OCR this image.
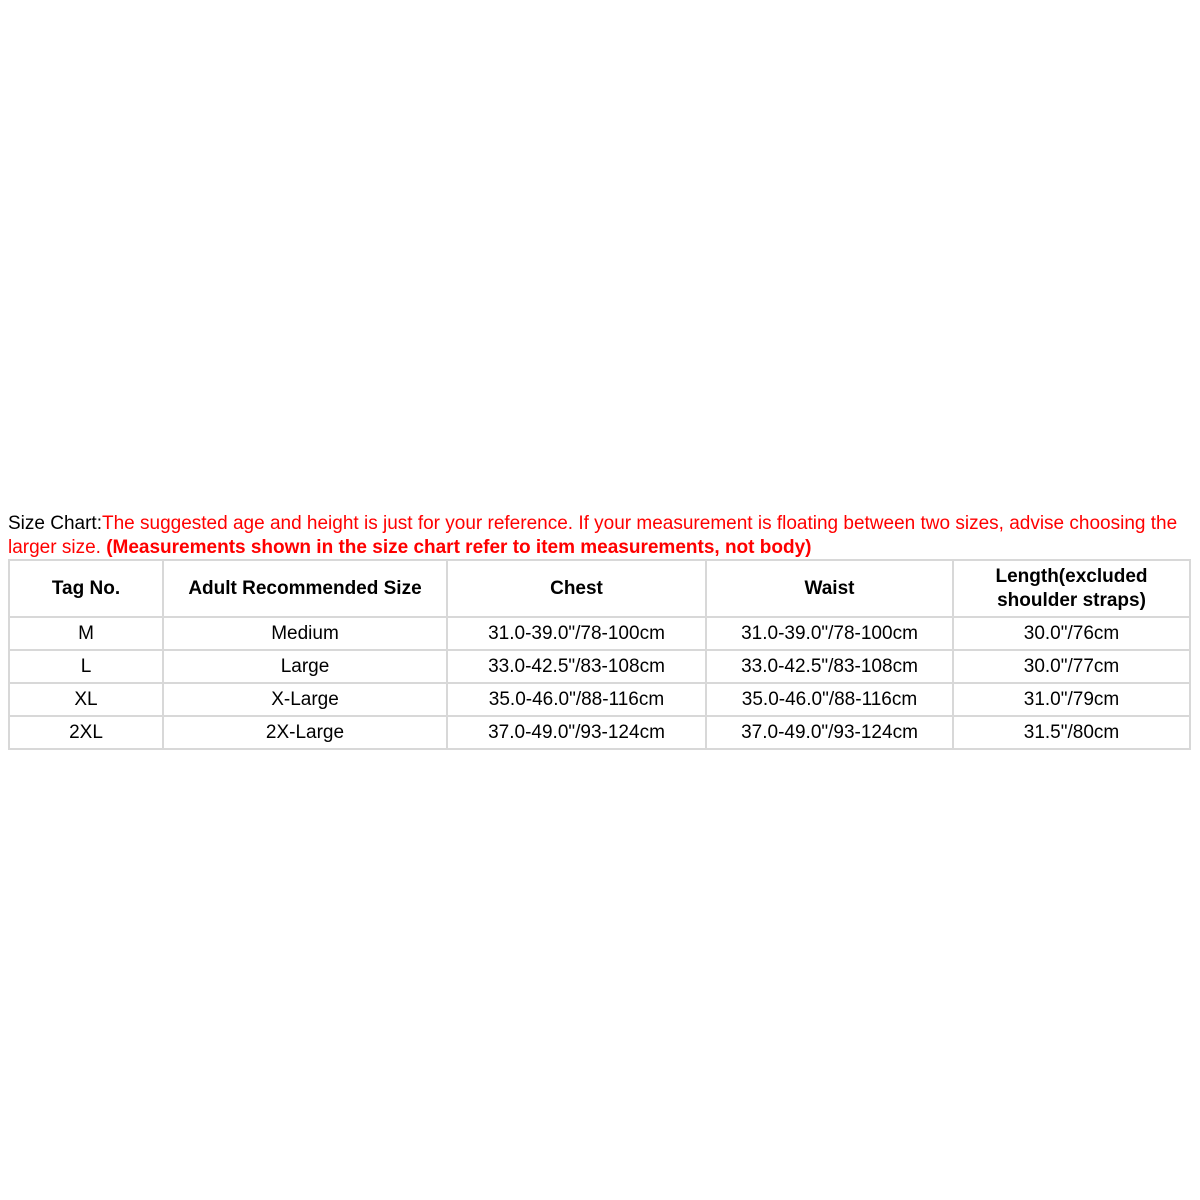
Size Chart:The suggested age and height is just for your reference. If your measurement is floating between two sizes, advise choosing the larger size. (Measurements shown in the size chart refer to item measurements, not body)
Tag No.	Adult Recommended Size	Chest	Waist	Length(excluded shoulder straps)
M	Medium	31.0-39.0"/78-100cm	31.0-39.0"/78-100cm	30.0"/76cm
L	Large	33.0-42.5"/83-108cm	33.0-42.5"/83-108cm	30.0"/77cm
XL	X-Large	35.0-46.0"/88-116cm	35.0-46.0"/88-116cm	31.0"/79cm
2XL	2X-Large	37.0-49.0"/93-124cm	37.0-49.0"/93-124cm	31.5"/80cm
